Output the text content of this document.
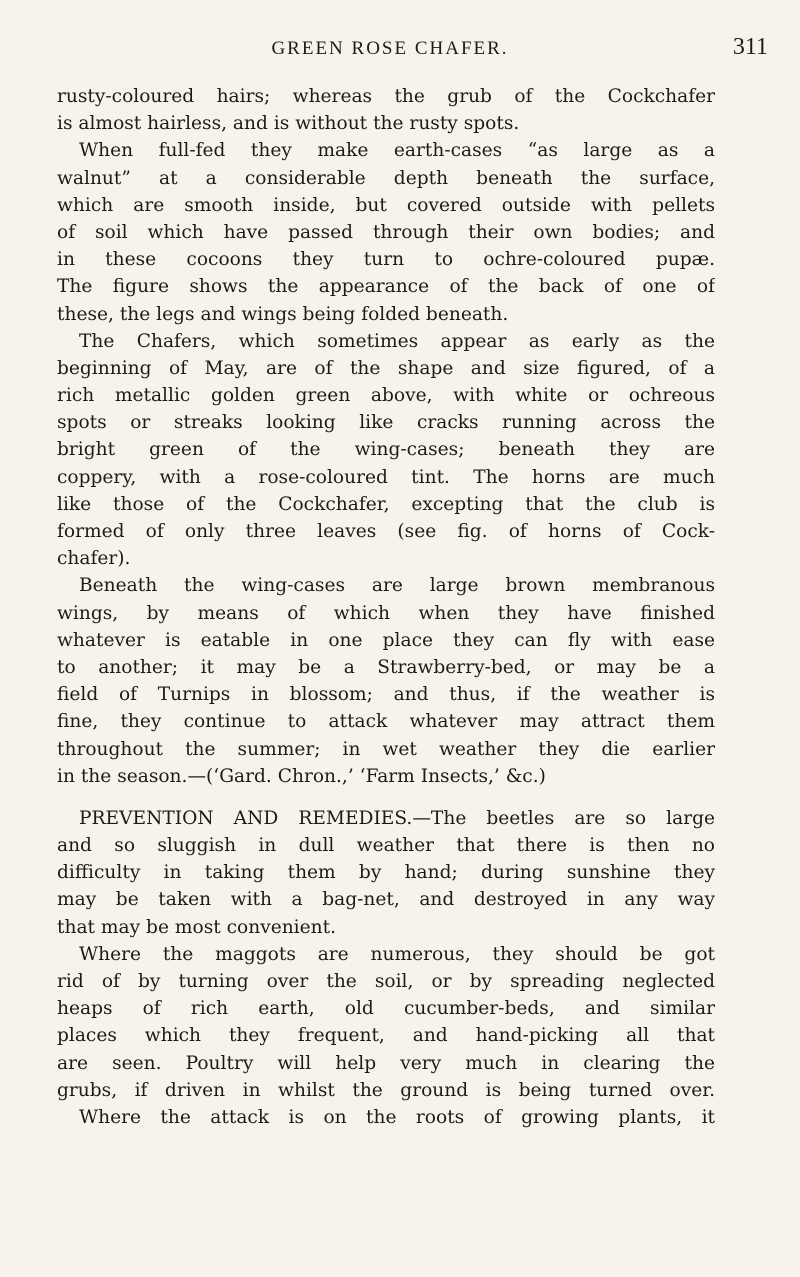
GREEN ROSE CHAFER.	311
rusty-coloured hairs; whereas the grub of the Cockchafer
is almost hairless, and is without the rusty spots.
When full-fed they make earth-cases “as large as a
walnut” at a considerable depth beneath the surface,
which are smooth inside, but covered outside with pellets
of soil which have passed through their own bodies; and
in these cocoons they turn to ochre-coloured pupæ.
The figure shows the appearance of the back of one of
these, the legs and wings being folded beneath.
The Chafers, which sometimes appear as early as the
beginning of May, are of the shape and size figured, of a
rich metallic golden green above, with white or ochreous
spots or streaks looking like cracks running across the
bright green of the wing-cases; beneath they are
coppery, with a rose-coloured tint. The horns are much
like those of the Cockchafer, excepting that the club is
formed of only three leaves (see fig. of horns of Cock-
chafer).
Beneath the wing-cases are large brown membranous
wings, by means of which when they have finished
whatever is eatable in one place they can fly with ease
to another; it may be a Strawberry-bed, or may be a
field of Turnips in blossom; and thus, if the weather is
fine, they continue to attack whatever may attract them
throughout the summer; in wet weather they die earlier
in the season.—(‘Gard. Chron.,’ ‘Farm Insects,’ &c.)
PREVENTION AND REMEDIES.—The beetles are so large
and so sluggish in dull weather that there is then no
difficulty in taking them by hand; during sunshine they
may be taken with a bag-net, and destroyed in any way
that may be most convenient.
Where the maggots are numerous, they should be got
rid of by turning over the soil, or by spreading neglected
heaps of rich earth, old cucumber-beds, and similar
places which they frequent, and hand-picking all that
are seen. Poultry will help very much in clearing the
grubs, if driven in whilst the ground is being turned over.
Where the attack is on the roots of growing plants, it
